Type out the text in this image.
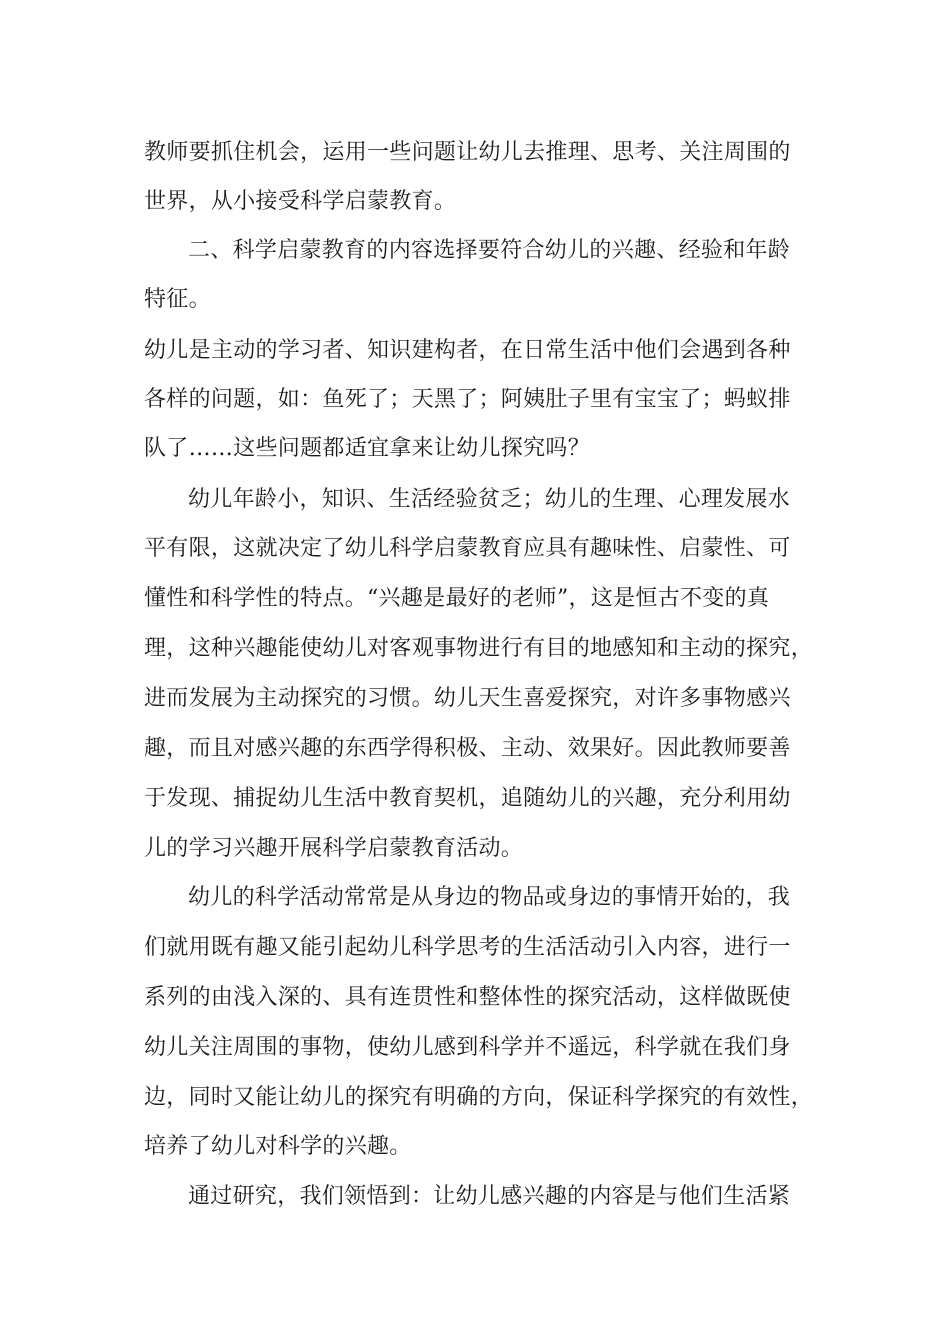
教师要抓住机会，运用一些问题让幼儿去推理、思考、关注周围的
世界，从小接受科学启蒙教育。
二、科学启蒙教育的内容选择要符合幼儿的兴趣、经验和年龄
特征。
幼儿是主动的学习者、知识建构者，在日常生活中他们会遇到各种
各样的问题，如：鱼死了；天黑了；阿姨肚子里有宝宝了；蚂蚁排
队了……这些问题都适宜拿来让幼儿探究吗？
幼儿年龄小，知识、生活经验贫乏；幼儿的生理、心理发展水
平有限，这就决定了幼儿科学启蒙教育应具有趣味性、启蒙性、可
懂性和科学性的特点。“兴趣是最好的老师”，这是恒古不变的真
理，这种兴趣能使幼儿对客观事物进行有目的地感知和主动的探究，
进而发展为主动探究的习惯。幼儿天生喜爱探究，对许多事物感兴
趣，而且对感兴趣的东西学得积极、主动、效果好。因此教师要善
于发现、捕捉幼儿生活中教育契机，追随幼儿的兴趣，充分利用幼
儿的学习兴趣开展科学启蒙教育活动。
幼儿的科学活动常常是从身边的物品或身边的事情开始的，我
们就用既有趣又能引起幼儿科学思考的生活活动引入内容，进行一
系列的由浅入深的、具有连贯性和整体性的探究活动，这样做既使
幼儿关注周围的事物，使幼儿感到科学并不遥远，科学就在我们身
边，同时又能让幼儿的探究有明确的方向，保证科学探究的有效性，
培养了幼儿对科学的兴趣。
通过研究，我们领悟到：让幼儿感兴趣的内容是与他们生活紧
